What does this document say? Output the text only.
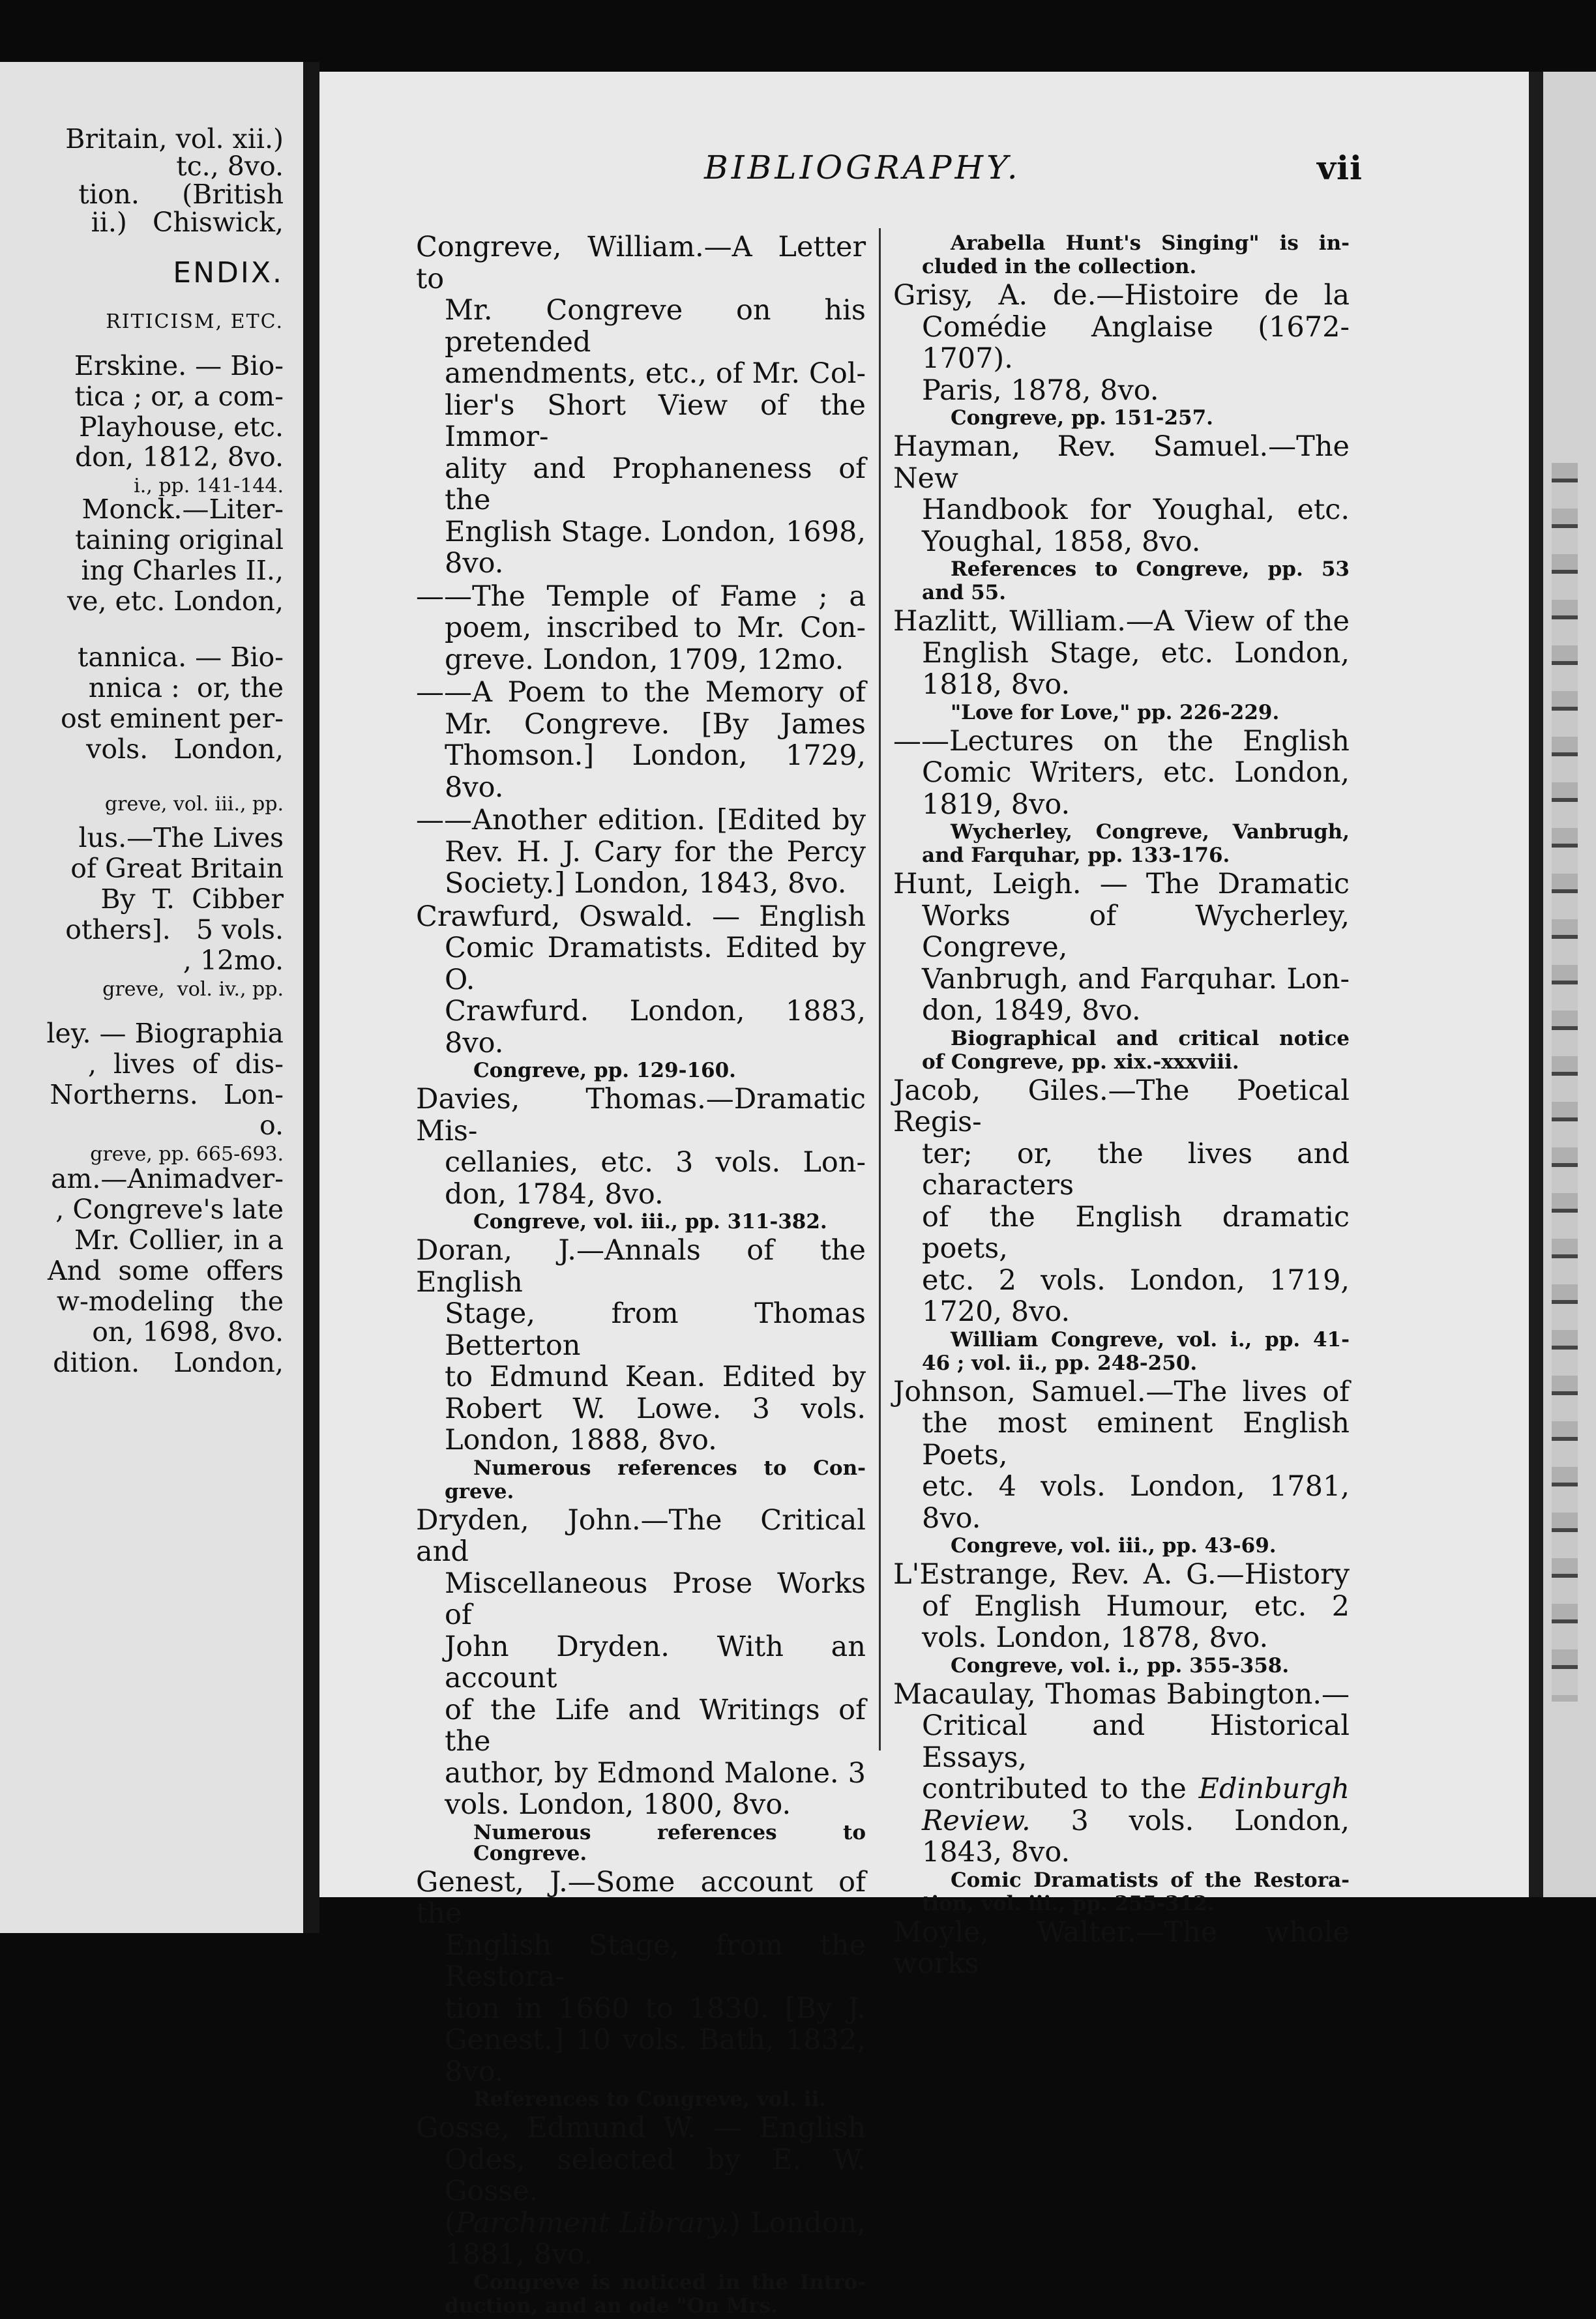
Britain, vol. xii.)
tc., 8vo.
tion.     (British
ii.)   Chiswick,
ENDIX.
RITICISM, ETC.
Erskine. — Bio-
tica ; or, a com-
Playhouse, etc.
don, 1812, 8vo.
i., pp. 141-144.
Monck.—Liter-
taining original
ing Charles II.,
ve, etc. London,
tannica. — Bio-
nnica :  or, the
ost eminent per-
vols.   London,
greve, vol. iii., pp.
lus.—The Lives
of Great Britain
By  T.  Cibber
others].   5 vols.
, 12mo.
greve,  vol. iv., pp.
ley. — Biographia
,  lives  of  dis-
Northerns.   Lon-
o.
greve, pp. 665-693.
am.—Animadver-
, Congreve's late
Mr. Collier, in a
And  some  offers
w-modeling   the
on, 1698, 8vo.
dition.    London,
BIBLIOGRAPHY.	vii

Congreve, William.—A Letter to

Mr. Congreve on his pretended

amendments, etc., of Mr. Col-

lier's Short View of the Immor-

ality and Prophaneness of the

English Stage. London, 1698,

8vo.

——The Temple of Fame ; a

poem, inscribed to Mr. Con-

greve. London, 1709, 12mo.

——A Poem to the Memory of

Mr. Congreve. [By James

Thomson.] London, 1729, 8vo.

——Another edition. [Edited by

Rev. H. J. Cary for the Percy

Society.] London, 1843, 8vo.

Crawfurd, Oswald. — English

Comic Dramatists. Edited by O.

Crawfurd. London, 1883, 8vo.

Congreve, pp. 129-160.

Davies, Thomas.—Dramatic Mis-

cellanies, etc. 3 vols. Lon-

don, 1784, 8vo.

Congreve, vol. iii., pp. 311-382.

Doran, J.—Annals of the English

Stage, from Thomas Betterton

to Edmund Kean. Edited by

Robert W. Lowe. 3 vols.

London, 1888, 8vo.

Numerous references to Con-
greve.

Dryden, John.—The Critical and

Miscellaneous Prose Works of

John Dryden. With an account

of the Life and Writings of the

author, by Edmond Malone. 3

vols. London, 1800, 8vo.

Numerous references to Congreve.

Genest, J.—Some account of the

English Stage, from the Restora-

tion in 1660 to 1830. [By J.

Genest.] 10 vols. Bath, 1832, 8vo.

References to Congreve, vol. ii.

Gosse, Edmund W. — English

Odes, selected by E. W. Gosse.

(Parchment Library.) London,

1881, 8vo.

Congreve is noticed in the Intro-
duction, and an ode "On Mrs.
Arabella Hunt's Singing" is in-
cluded in the collection.

Grisy, A. de.—Histoire de la

Comédie Anglaise (1672-1707).

Paris, 1878, 8vo.

Congreve, pp. 151-257.

Hayman, Rev. Samuel.—The New

Handbook for Youghal, etc.

Youghal, 1858, 8vo.

References to Congreve, pp. 53
and 55.

Hazlitt, William.—A View of the

English Stage, etc. London,

1818, 8vo.

"Love for Love," pp. 226-229.

——Lectures on the English

Comic Writers, etc. London,

1819, 8vo.

Wycherley, Congreve, Vanbrugh,
and Farquhar, pp. 133-176.

Hunt, Leigh. — The Dramatic

Works of Wycherley, Congreve,

Vanbrugh, and Farquhar. Lon-

don, 1849, 8vo.

Biographical and critical notice
of Congreve, pp. xix.-xxxviii.

Jacob, Giles.—The Poetical Regis-

ter; or, the lives and characters

of the English dramatic poets,

etc. 2 vols. London, 1719,

1720, 8vo.

William Congreve, vol. i., pp. 41-
46 ; vol. ii., pp. 248-250.

Johnson, Samuel.—The lives of

the most eminent English Poets,

etc. 4 vols. London, 1781,

8vo.

Congreve, vol. iii., pp. 43-69.

L'Estrange, Rev. A. G.—History

of English Humour, etc. 2

vols. London, 1878, 8vo.

Congreve, vol. i., pp. 355-358.

Macaulay, Thomas Babington.—

Critical and Historical Essays,

contributed to the Edinburgh

Review. 3 vols. London,

1843, 8vo.

Comic Dramatists of the Restora-
tion, vol. iii., pp. 255-312.

Moyle, Walter.—The whole works
